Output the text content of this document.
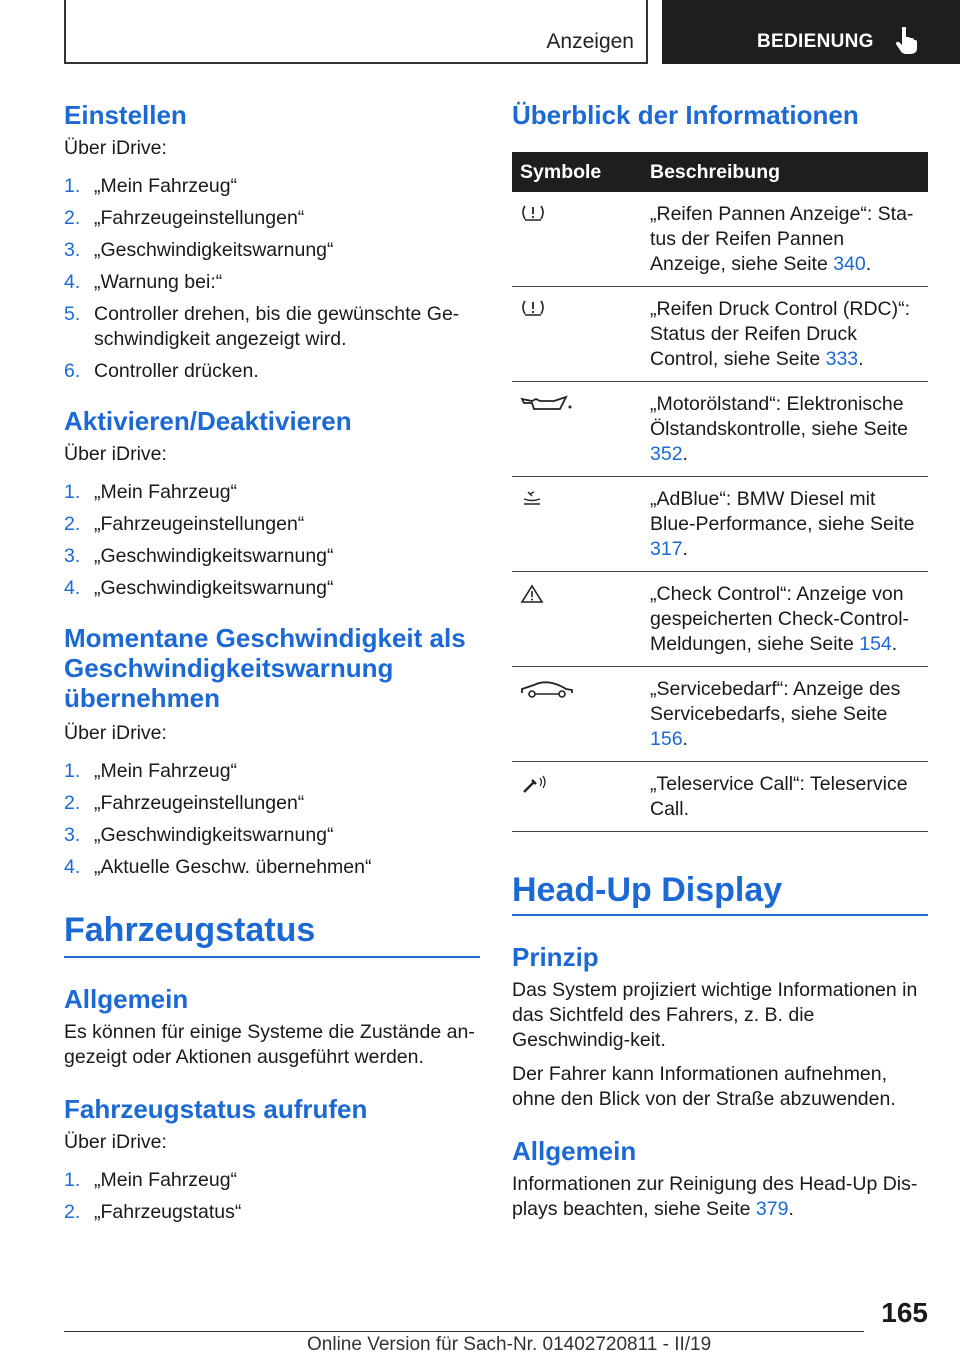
Anzeigen	BEDIENUNG
Einstellen

Über iDrive:

1. „Mein Fahrzeug“
2. „Fahrzeugeinstellungen“
3. „Geschwindigkeitswarnung“
4. „Warnung bei:“
5. Controller drehen, bis die gewünschte Ge‐schwindigkeit angezeigt wird.
6. Controller drücken.
Aktivieren/Deaktivieren

Über iDrive:

1. „Mein Fahrzeug“
2. „Fahrzeugeinstellungen“
3. „Geschwindigkeitswarnung“
4. „Geschwindigkeitswarnung“
Momentane Geschwindigkeit als Geschwindigkeitswarnung übernehmen

Über iDrive:

1. „Mein Fahrzeug“
2. „Fahrzeugeinstellungen“
3. „Geschwindigkeitswarnung“
4. „Aktuelle Geschw. übernehmen“
Fahrzeugstatus
Allgemein

Es können für einige Systeme die Zustände an‐gezeigt oder Aktionen ausgeführt werden.

Fahrzeugstatus aufrufen

Über iDrive:

1. „Mein Fahrzeug“
2. „Fahrzeugstatus“
Überblick der Informationen
Symbole	Beschreibung
	„Reifen Pannen Anzeige“: Sta‐tus der Reifen Pannen Anzeige, siehe Seite 340.
	„Reifen Druck Control (RDC)“: Status der Reifen Druck Control, siehe Seite 333.
	„Motorölstand“: Elektronische Ölstandskontrolle, siehe Seite 352.
	„AdBlue“: BMW Diesel mit Blue‐Performance, siehe Seite 317.
	„Check Control“: Anzeige von gespeicherten Check-Control-Meldungen, siehe Seite 154.
	„Servicebedarf“: Anzeige des Servicebedarfs, siehe Seite 156.
	„Teleservice Call“: Teleservice Call.
Head-Up Display
Prinzip

Das System projiziert wichtige Informationen in das Sichtfeld des Fahrers, z. B. die Geschwindig‐keit.

Der Fahrer kann Informationen aufnehmen, ohne den Blick von der Straße abzuwenden.

Allgemein

Informationen zur Reinigung des Head-Up Dis‐plays beachten, siehe Seite 379.

165
Online Version für Sach-Nr. 01402720811 - II/19
